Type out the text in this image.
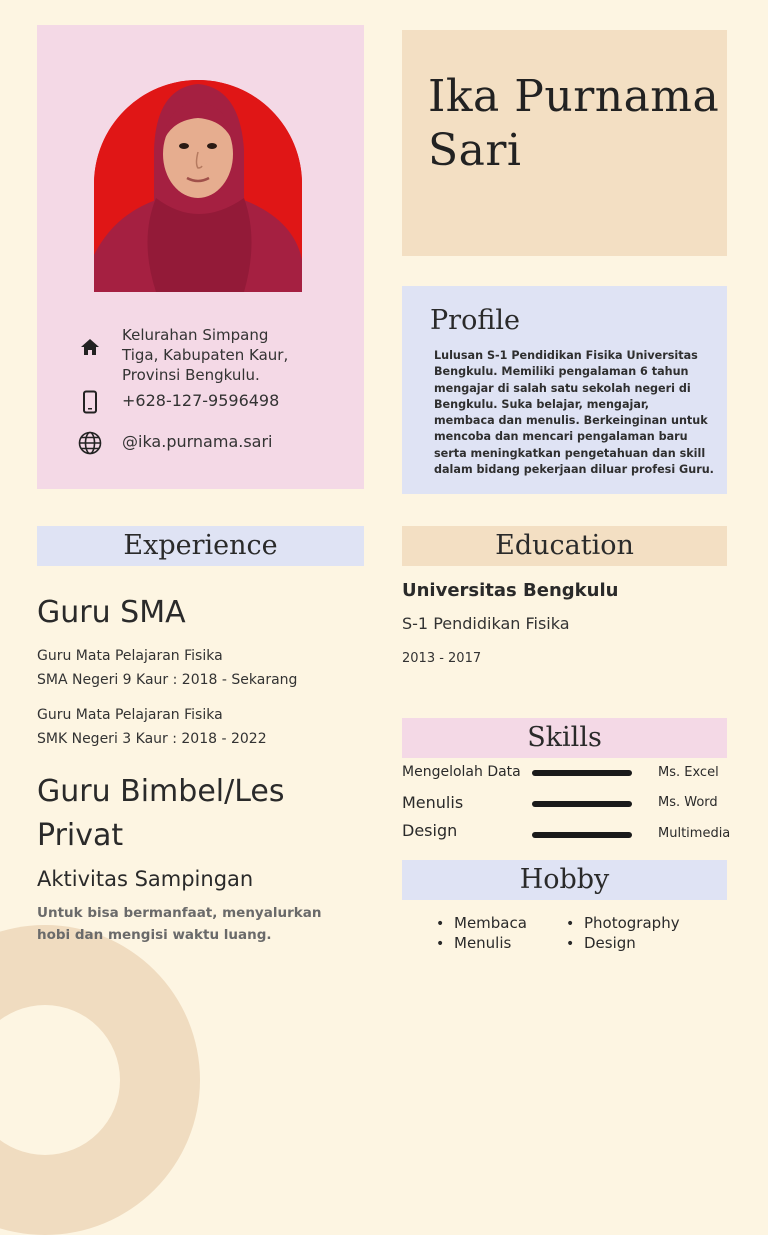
Kelurahan Simpang
Tiga, Kabupaten Kaur,
Provinsi Bengkulu.
+628-127-9596498
@ika.purnama.sari
Ika Purnama
Sari
Profile
Lulusan S-1 Pendidikan Fisika Universitas
Bengkulu. Memiliki pengalaman 6 tahun
mengajar di salah satu sekolah negeri di
Bengkulu. Suka belajar, mengajar,
membaca dan menulis. Berkeinginan untuk
mencoba dan mencari pengalaman baru
serta meningkatkan pengetahuan dan skill
dalam bidang pekerjaan diluar profesi Guru.
Experience
Guru SMA
Guru Mata Pelajaran Fisika
SMA Negeri 9 Kaur : 2018 - Sekarang
Guru Mata Pelajaran Fisika
SMK Negeri 3 Kaur : 2018 - 2022
Guru Bimbel/Les
Privat
Aktivitas Sampingan
Untuk bisa bermanfaat, menyalurkan
hobi dan mengisi waktu luang.
Education
Universitas Bengkulu
S-1 Pendidikan Fisika
2013 - 2017
Skills
Mengelolah Data	Ms. Excel
Menulis	Ms. Word
Design	Multimedia
Hobby
• Membaca
• Menulis
• Photography
• Design
